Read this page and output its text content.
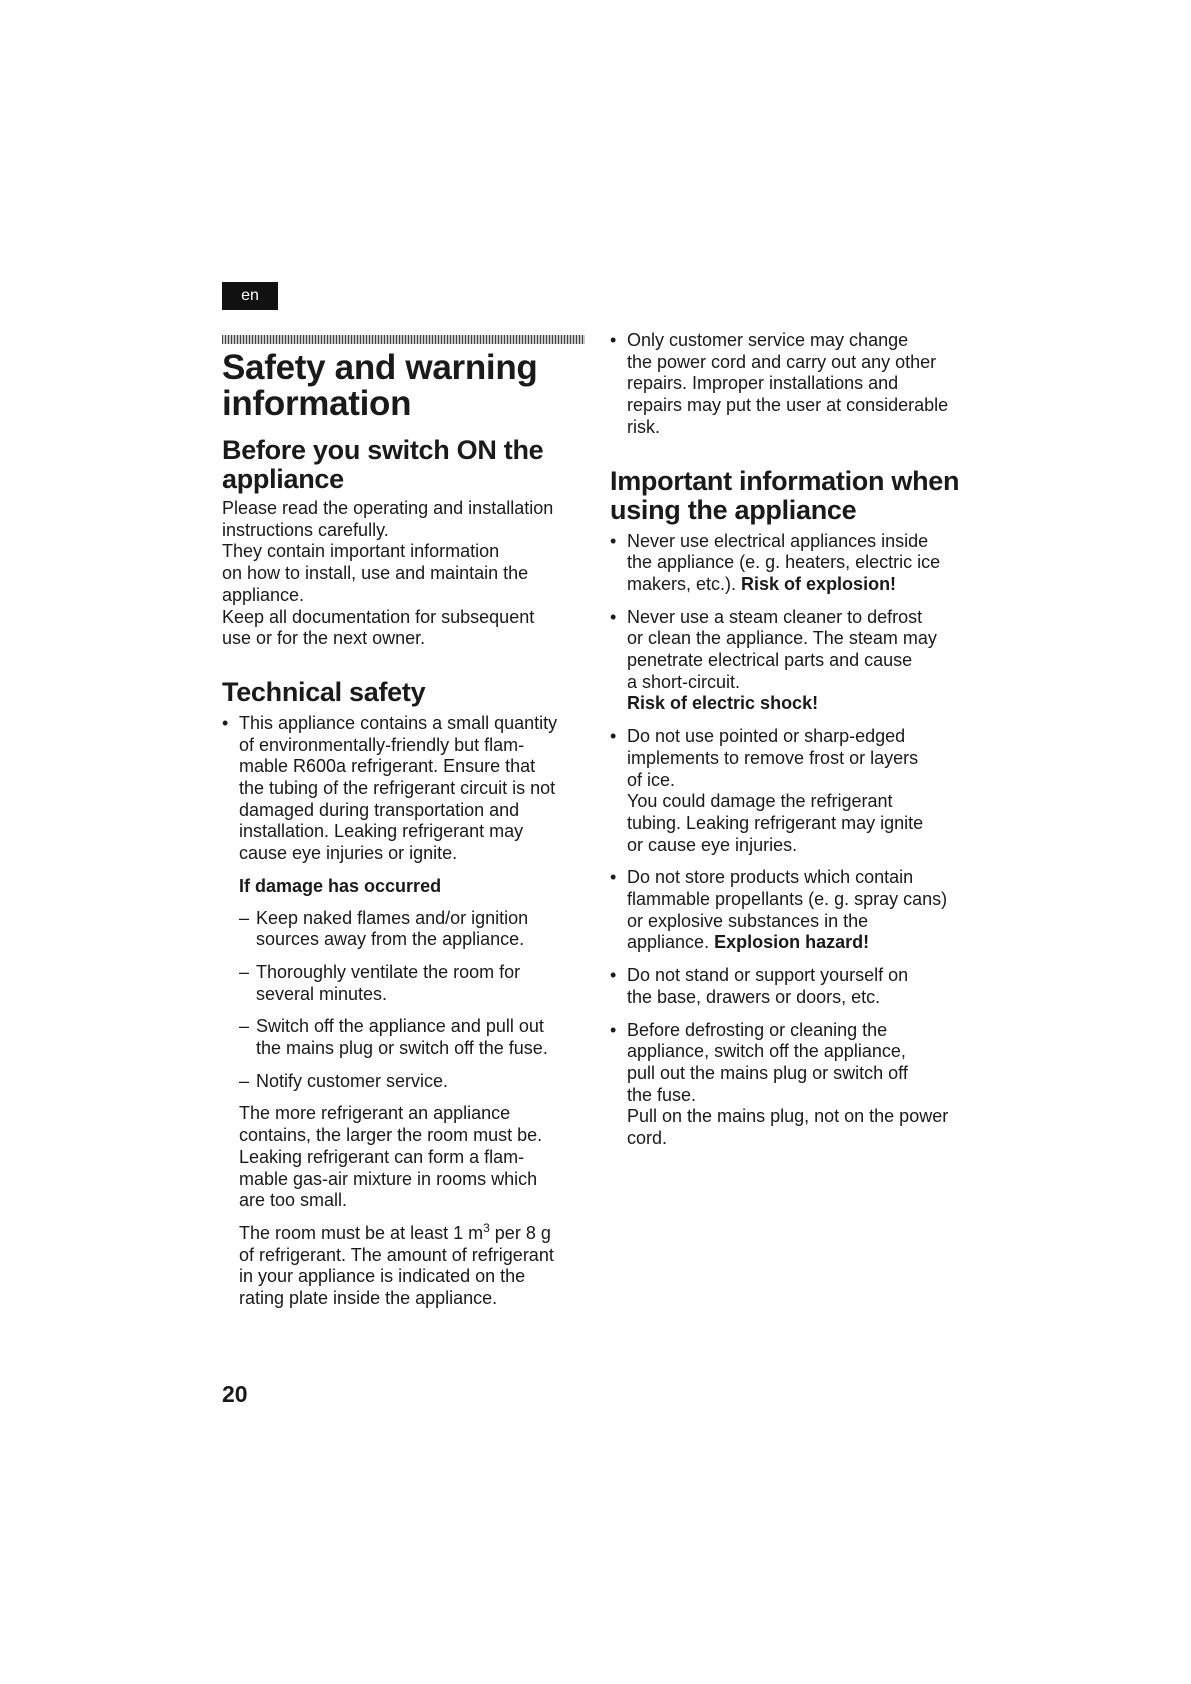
en
Safety and warning
information
Before you switch ON the
appliance
Please read the operating and installation
instructions carefully.
They contain important information
on how to install, use and maintain the
appliance.
Keep all documentation for subsequent
use or for the next owner.
Technical safety
• This appliance contains a small quantity
of environmentally-friendly but flam-
mable R600a refrigerant. Ensure that
the tubing of the refrigerant circuit is not
damaged during transportation and
installation. Leaking refrigerant may
cause eye injuries or ignite.
If damage has occurred
– Keep naked flames and/or ignition
sources away from the appliance.
– Thoroughly ventilate the room for
several minutes.
– Switch off the appliance and pull out
the mains plug or switch off the fuse.
– Notify customer service.
The more refrigerant an appliance
contains, the larger the room must be.
Leaking refrigerant can form a flam-
mable gas-air mixture in rooms which
are too small.
The room must be at least 1 $m^3$ per 8 g
of refrigerant. The amount of refrigerant
in your appliance is indicated on the
rating plate inside the appliance.
• Only customer service may change
the power cord and carry out any other
repairs. Improper installations and
repairs may put the user at considerable
risk.
Important information when
using the appliance
• Never use electrical appliances inside
the appliance (e. g. heaters, electric ice
makers, etc.). Risk of explosion!
• Never use a steam cleaner to defrost
or clean the appliance. The steam may
penetrate electrical parts and cause
a short-circuit.
Risk of electric shock!
• Do not use pointed or sharp-edged
implements to remove frost or layers
of ice.
You could damage the refrigerant
tubing. Leaking refrigerant may ignite
or cause eye injuries.
• Do not store products which contain
flammable propellants (e. g. spray cans)
or explosive substances in the
appliance. Explosion hazard!
• Do not stand or support yourself on
the base, drawers or doors, etc.
• Before defrosting or cleaning the
appliance, switch off the appliance,
pull out the mains plug or switch off
the fuse.
Pull on the mains plug, not on the power
cord.
20
